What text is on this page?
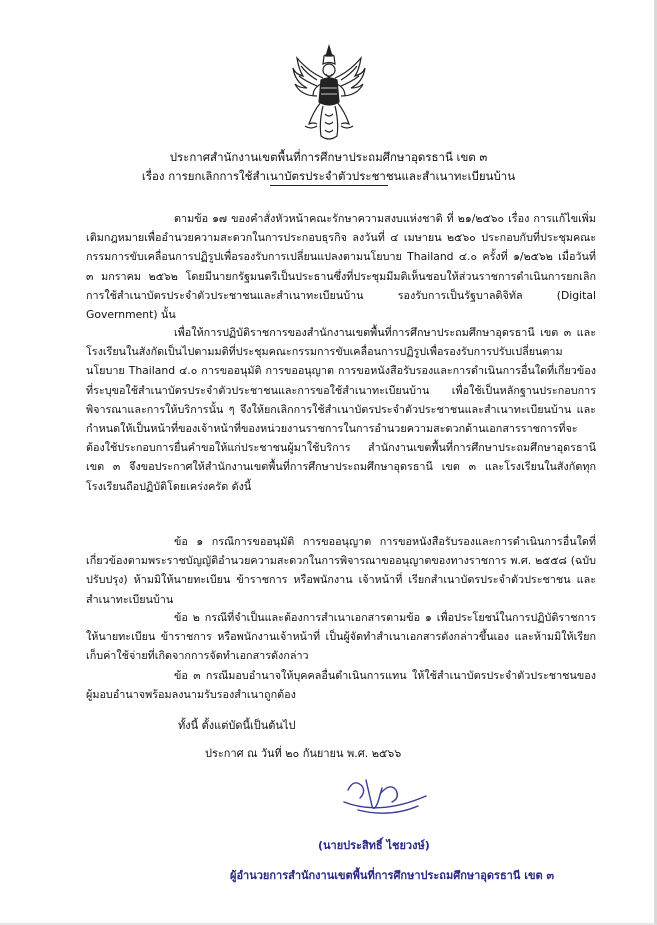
ประกาศสำนักงานเขตพื้นที่การศึกษาประถมศึกษาอุดรธานี เขต ๓
เรื่อง การยกเลิกการใช้สำเนาบัตรประจำตัวประชาชนและสำเนาทะเบียนบ้าน

ตามข้อ ๑๗ ของคำสั่งหัวหน้าคณะรักษาความสงบแห่งชาติ ที่ ๒๑/๒๕๖๐ เรื่อง การแก้ไขเพิ่มเติมกฎหมายเพื่ออำนวยความสะดวกในการประกอบธุรกิจ ลงวันที่ ๔ เมษายน ๒๕๖๐ ประกอบกับที่ประชุมคณะกรรมการขับเคลื่อนการปฏิรูปเพื่อรองรับการเปลี่ยนแปลงตามนโยบาย Thailand ๔.๐ ครั้งที่ ๑/๒๕๖๒ เมื่อวันที่ ๓ มกราคม ๒๕๖๒ โดยมีนายกรัฐมนตรีเป็นประธานซึ่งที่ประชุมมีมติเห็นชอบให้ส่วนราชการดำเนินการยกเลิกการใช้สำเนาบัตรประจำตัวประชาชนและสำเนาทะเบียนบ้าน รองรับการเป็นรัฐบาลดิจิทัล (Digital Government) นั้น

เพื่อให้การปฏิบัติราชการของสำนักงานเขตพื้นที่การศึกษาประถมศึกษาอุดรธานี เขต ๓ และโรงเรียนในสังกัดเป็นไปตามมติที่ประชุมคณะกรรมการขับเคลื่อนการปฏิรูปเพื่อรองรับการปรับเปลี่ยนตามนโยบาย Thailand ๔.๐ การขออนุมัติ การขออนุญาต การขอหนังสือรับรองและการดำเนินการอื่นใดที่เกี่ยวข้อง ที่ระบุขอใช้สำเนาบัตรประจำตัวประชาชนและการขอใช้สำเนาทะเบียนบ้าน เพื่อใช้เป็นหลักฐานประกอบการพิจารณาและการให้บริการนั้น ๆ จึงให้ยกเลิกการใช้สำเนาบัตรประจำตัวประชาชนและสำเนาทะเบียนบ้าน และกำหนดให้เป็นหน้าที่ของเจ้าหน้าที่ของหน่วยงานราชการในการอำนวยความสะดวกด้านเอกสารราชการที่จะต้องใช้ประกอบการยื่นคำขอให้แก่ประชาชนผู้มาใช้บริการ สำนักงานเขตพื้นที่การศึกษาประถมศึกษาอุดรธานี เขต ๓ จึงขอประกาศให้สำนักงานเขตพื้นที่การศึกษาประถมศึกษาอุดรธานี เขต ๓ และโรงเรียนในสังกัดทุกโรงเรียนถือปฏิบัติโดยเคร่งครัด ดังนี้

ข้อ ๑ กรณีการขออนุมัติ การขออนุญาต การขอหนังสือรับรองและการดำเนินการอื่นใดที่เกี่ยวข้องตามพระราชบัญญัติอำนวยความสะดวกในการพิจารณาขออนุญาตของทางราชการ พ.ศ. ๒๕๕๘ (ฉบับปรับปรุง) ห้ามมิให้นายทะเบียน ข้าราชการ หรือพนักงาน เจ้าหน้าที่ เรียกสำเนาบัตรประจำตัวประชาชน และสำเนาทะเบียนบ้าน

ข้อ ๒ กรณีที่จำเป็นและต้องการสำเนาเอกสารตามข้อ ๑ เพื่อประโยชน์ในการปฏิบัติราชการให้นายทะเบียน ข้าราชการ หรือพนักงานเจ้าหน้าที่ เป็นผู้จัดทำสำเนาเอกสารดังกล่าวขึ้นเอง และห้ามมิให้เรียกเก็บค่าใช้จ่ายที่เกิดจากการจัดทำเอกสารดังกล่าว

ข้อ ๓ กรณีมอบอำนาจให้บุคคลอื่นดำเนินการแทน ให้ใช้สำเนาบัตรประจำตัวประชาชนของผู้มอบอำนาจพร้อมลงนามรับรองสำเนาถูกต้อง

ทั้งนี้ ตั้งแต่บัดนี้เป็นต้นไป
ประกาศ ณ วันที่ ๒๐ กันยายน พ.ศ. ๒๕๖๖
(นายประสิทธิ์ ไชยวงษ์)
ผู้อำนวยการสำนักงานเขตพื้นที่การศึกษาประถมศึกษาอุดรธานี เขต ๓
